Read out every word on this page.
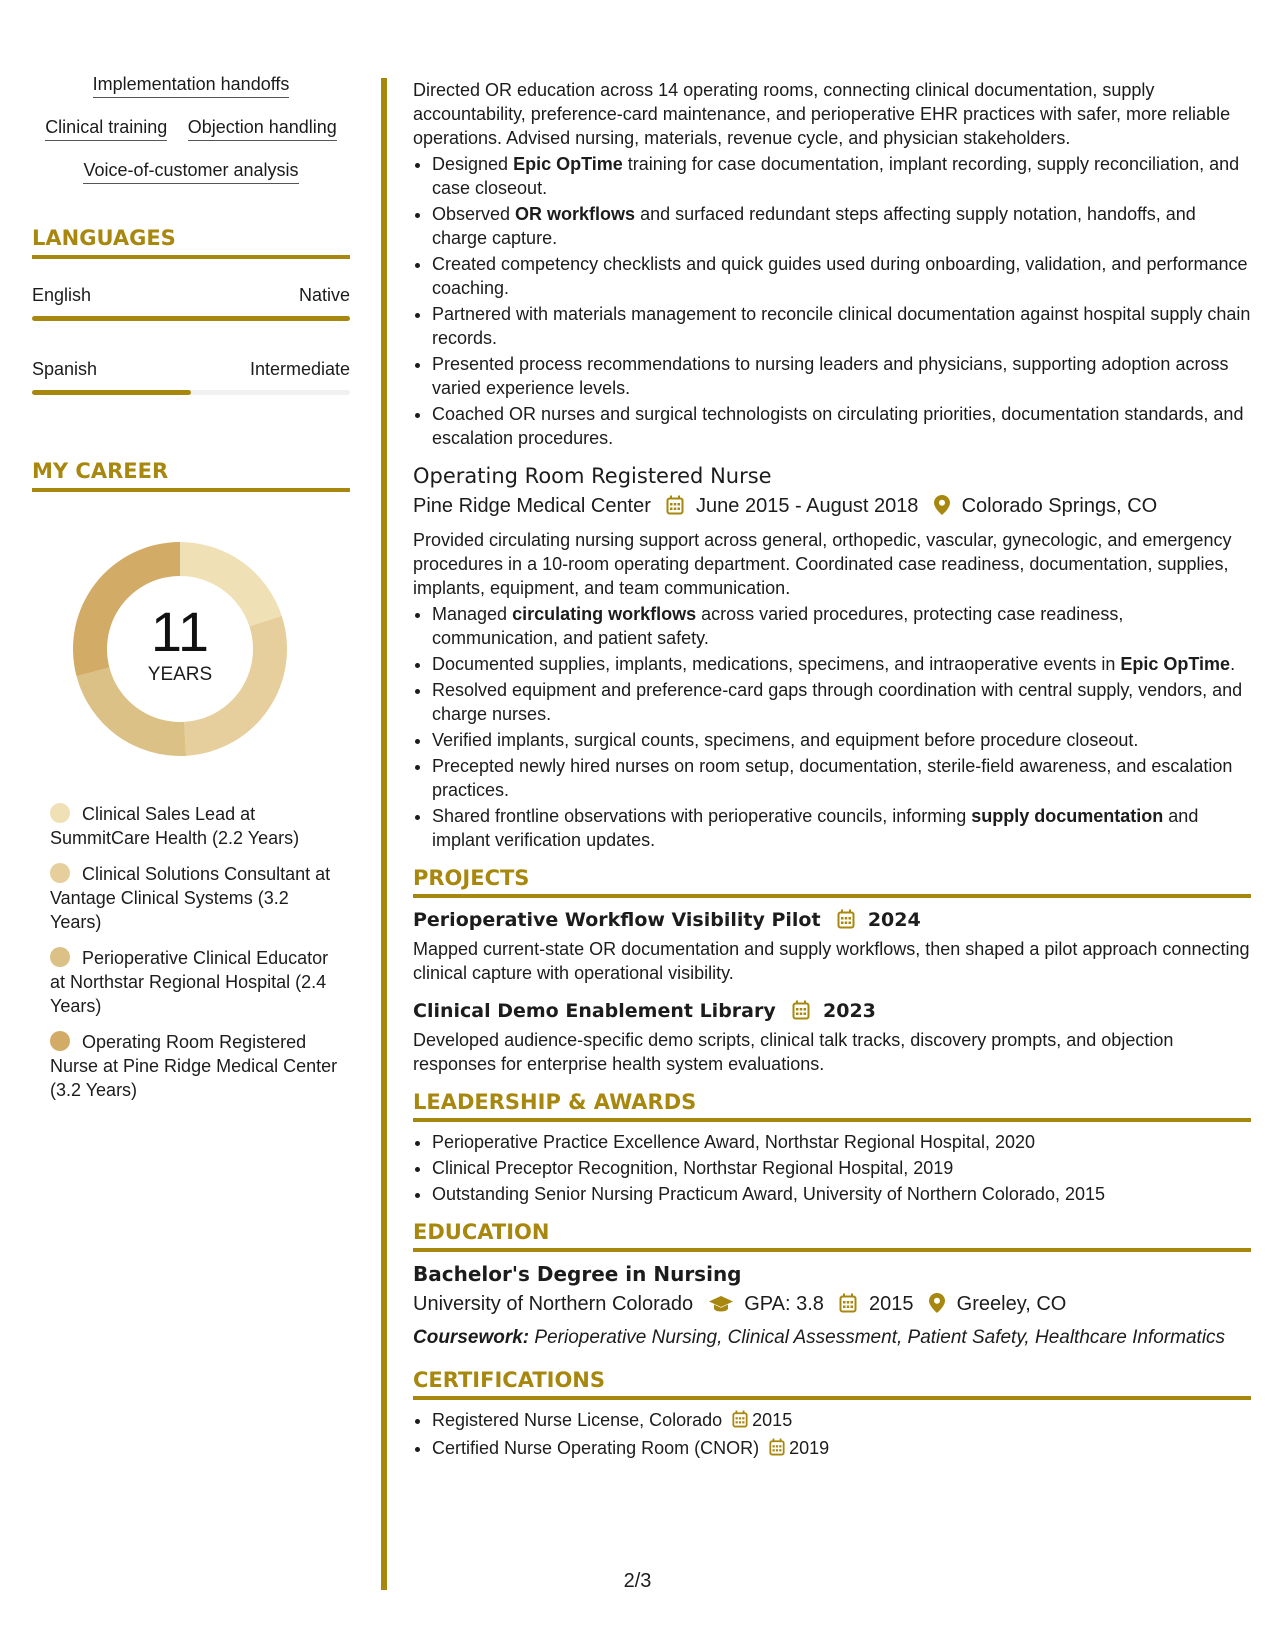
Implementation handoffs
Clinical training Objection handling
Voice-of-customer analysis
LANGUAGES
English	Native
Spanish	Intermediate
MY CAREER
11
YEARS
Clinical Sales Lead at SummitCare Health (2.2 Years)
Clinical Solutions Consultant at Vantage Clinical Systems (3.2 Years)
Perioperative Clinical Educator at Northstar Regional Hospital (2.4 Years)
Operating Room Registered Nurse at Pine Ridge Medical Center (3.2 Years)

Directed OR education across 14 operating rooms, connecting clinical documentation, supply accountability, preference-card maintenance, and perioperative EHR practices with safer, more reliable operations. Advised nursing, materials, revenue cycle, and physician stakeholders.

• Designed Epic OpTime training for case documentation, implant recording, supply reconciliation, and case closeout.
• Observed OR workflows and surfaced redundant steps affecting supply notation, handoffs, and charge capture.
• Created competency checklists and quick guides used during onboarding, validation, and performance coaching.
• Partnered with materials management to reconcile clinical documentation against hospital supply chain records.
• Presented process recommendations to nursing leaders and physicians, supporting adoption across varied experience levels.
• Coached OR nurses and surgical technologists on circulating priorities, documentation standards, and escalation procedures.
Operating Room Registered Nurse
Pine Ridge Medical Center June 2015 - August 2018 Colorado Springs, CO

Provided circulating nursing support across general, orthopedic, vascular, gynecologic, and emergency procedures in a 10-room operating department. Coordinated case readiness, documentation, supplies, implants, equipment, and team communication.

• Managed circulating workflows across varied procedures, protecting case readiness, communication, and patient safety.
• Documented supplies, implants, medications, specimens, and intraoperative events in Epic OpTime.
• Resolved equipment and preference-card gaps through coordination with central supply, vendors, and charge nurses.
• Verified implants, surgical counts, specimens, and equipment before procedure closeout.
• Precepted newly hired nurses on room setup, documentation, sterile-field awareness, and escalation practices.
• Shared frontline observations with perioperative councils, informing supply documentation and implant verification updates.
PROJECTS
Perioperative Workflow Visibility Pilot 2024

Mapped current-state OR documentation and supply workflows, then shaped a pilot approach connecting clinical capture with operational visibility.

Clinical Demo Enablement Library 2023

Developed audience-specific demo scripts, clinical talk tracks, discovery prompts, and objection responses for enterprise health system evaluations.

LEADERSHIP & AWARDS
• Perioperative Practice Excellence Award, Northstar Regional Hospital, 2020
• Clinical Preceptor Recognition, Northstar Regional Hospital, 2019
• Outstanding Senior Nursing Practicum Award, University of Northern Colorado, 2015
EDUCATION
Bachelor's Degree in Nursing
University of Northern Colorado	GPA: 3.8 2015 Greeley, CO

Coursework: Perioperative Nursing, Clinical Assessment, Patient Safety, Healthcare Informatics

CERTIFICATIONS
• Registered Nurse License, Colorado 2015
• Certified Nurse Operating Room (CNOR) 2019
2/3
